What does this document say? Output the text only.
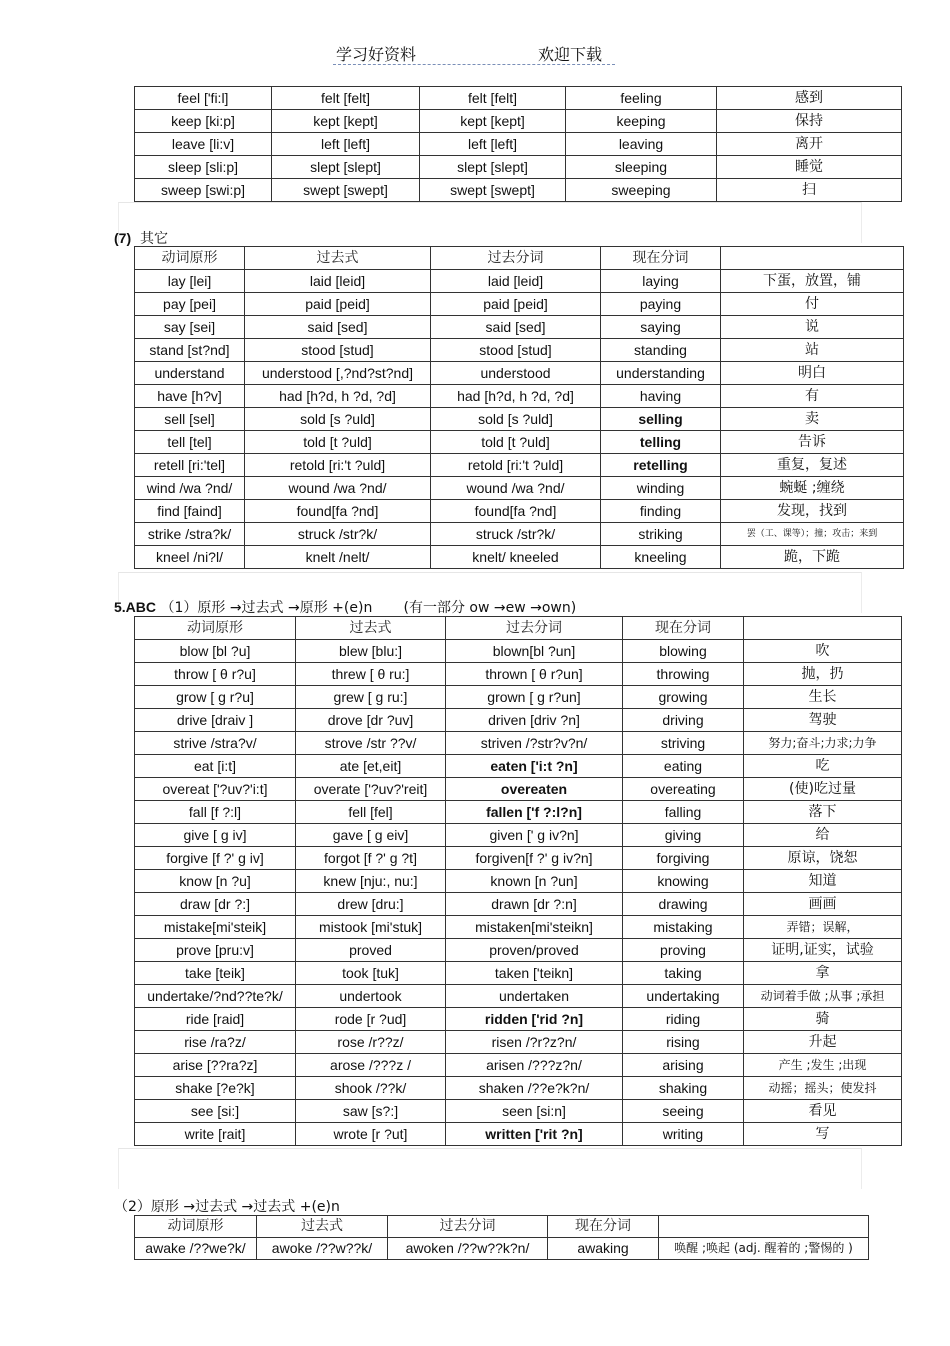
学习好资料	欢迎下载
feel ['fi:l]	felt [felt]	felt [felt]	feeling	感到
keep [ki:p]	kept [kept]	kept [kept]	keeping	保持
leave [li:v]	left [left]	left [left]	leaving	离开
sleep [sli:p]	slept [slept]	slept [slept]	sleeping	睡觉
sweep [swi:p]	swept [swept]	swept [swept]	sweeping	扫
(7) 其它
动词原形	过去式	过去分词	现在分词	
lay [lei]	laid [leid]	laid [leid]	laying	下蛋，放置，铺
pay [pei]	paid [peid]	paid [peid]	paying	付
say [sei]	said [sed]	said [sed]	saying	说
stand [st?nd]	stood [stud]	stood [stud]	standing	站
understand	understood [,?nd?st?nd]	understood	understanding	明白
have [h?v]	had [h?d, h ?d, ?d]	had [h?d, h ?d, ?d]	having	有
sell [sel]	sold [s ?uld]	sold [s ?uld]	selling	卖
tell [tel]	told [t ?uld]	told [t ?uld]	telling	告诉
retell [ri:'tel]	retold [ri:'t ?uld]	retold [ri:'t ?uld]	retelling	重复，复述
wind /wa ?nd/	wound /wa ?nd/	wound /wa ?nd/	winding	蜿蜒 ;缠绕
find [faind]	found[fa ?nd]	found[fa ?nd]	finding	发现，找到
strike /stra?k/	struck /str?k/	struck /str?k/	striking	罢（工、课等）；撞；攻击；来到
kneel /ni?l/	knelt /nelt/	knelt/ kneeled	kneeling	跪，下跪
5.ABC （1）原形 →过去式 →原形 +(e)n (有一部分 ow →ew →own)
动词原形	过去式	过去分词	现在分词	
blow [bl ?u]	blew [blu:]	blown[bl ?un]	blowing	吹
throw [ θ r?u]	threw [ θ ru:]	thrown [ θ r?un]	throwing	抛，扔
grow [ g r?u]	grew [ g ru:]	grown [ g r?un]	growing	生长
drive [draiv ]	drove [dr ?uv]	driven [driv ?n]	driving	驾驶
strive /stra?v/	strove /str ??v/	striven /?str?v?n/	striving	努力;奋斗;力求;力争
eat [i:t]	ate [et,eit]	eaten ['i:t ?n]	eating	吃
overeat ['?uv?'i:t]	overate ['?uv?'reit]	overeaten	overeating	(使)吃过量
fall [f ?:l]	fell [fel]	fallen ['f ?:l?n]	falling	落下
give [ g iv]	gave [ g eiv]	given [' g iv?n]	giving	给
forgive [f ?' g iv]	forgot [f ?' g ?t]	forgiven[f ?' g iv?n]	forgiving	原谅，饶恕
know [n ?u]	knew [nju:, nu:]	known [n ?un]	knowing	知道
draw [dr ?:]	drew [dru:]	drawn [dr ?:n]	drawing	画画
mistake[mi'steik]	mistook [mi'stuk]	mistaken[mi'steikn]	mistaking	弄错；误解，
prove [pru:v]	proved	proven/proved	proving	证明,证实，试验
take [teik]	took [tuk]	taken ['teikn]	taking	拿
undertake/?nd??te?k/	undertook	undertaken	undertaking	动词着手做 ;从事 ;承担
ride [raid]	rode [r ?ud]	ridden ['rid ?n]	riding	骑
rise /ra?z/	rose /r??z/	risen /?r?z?n/	rising	升起
arise [??ra?z]	arose /???z /	arisen /???z?n/	arising	产生 ;发生 ;出现
shake [?e?k]	shook /??k/	shaken /??e?k?n/	shaking	动摇；摇头；使发抖
see [si:]	saw [s?:]	seen [si:n]	seeing	看见
write [rait]	wrote [r ?ut]	written ['rit ?n]	writing	写
（2）原形 →过去式 →过去式 +(e)n
动词原形	过去式	过去分词	现在分词	
awake /??we?k/	awoke /??w??k/	awoken /??w??k?n/	awaking	唤醒 ;唤起 (adj. 醒着的 ;警惕的 )
